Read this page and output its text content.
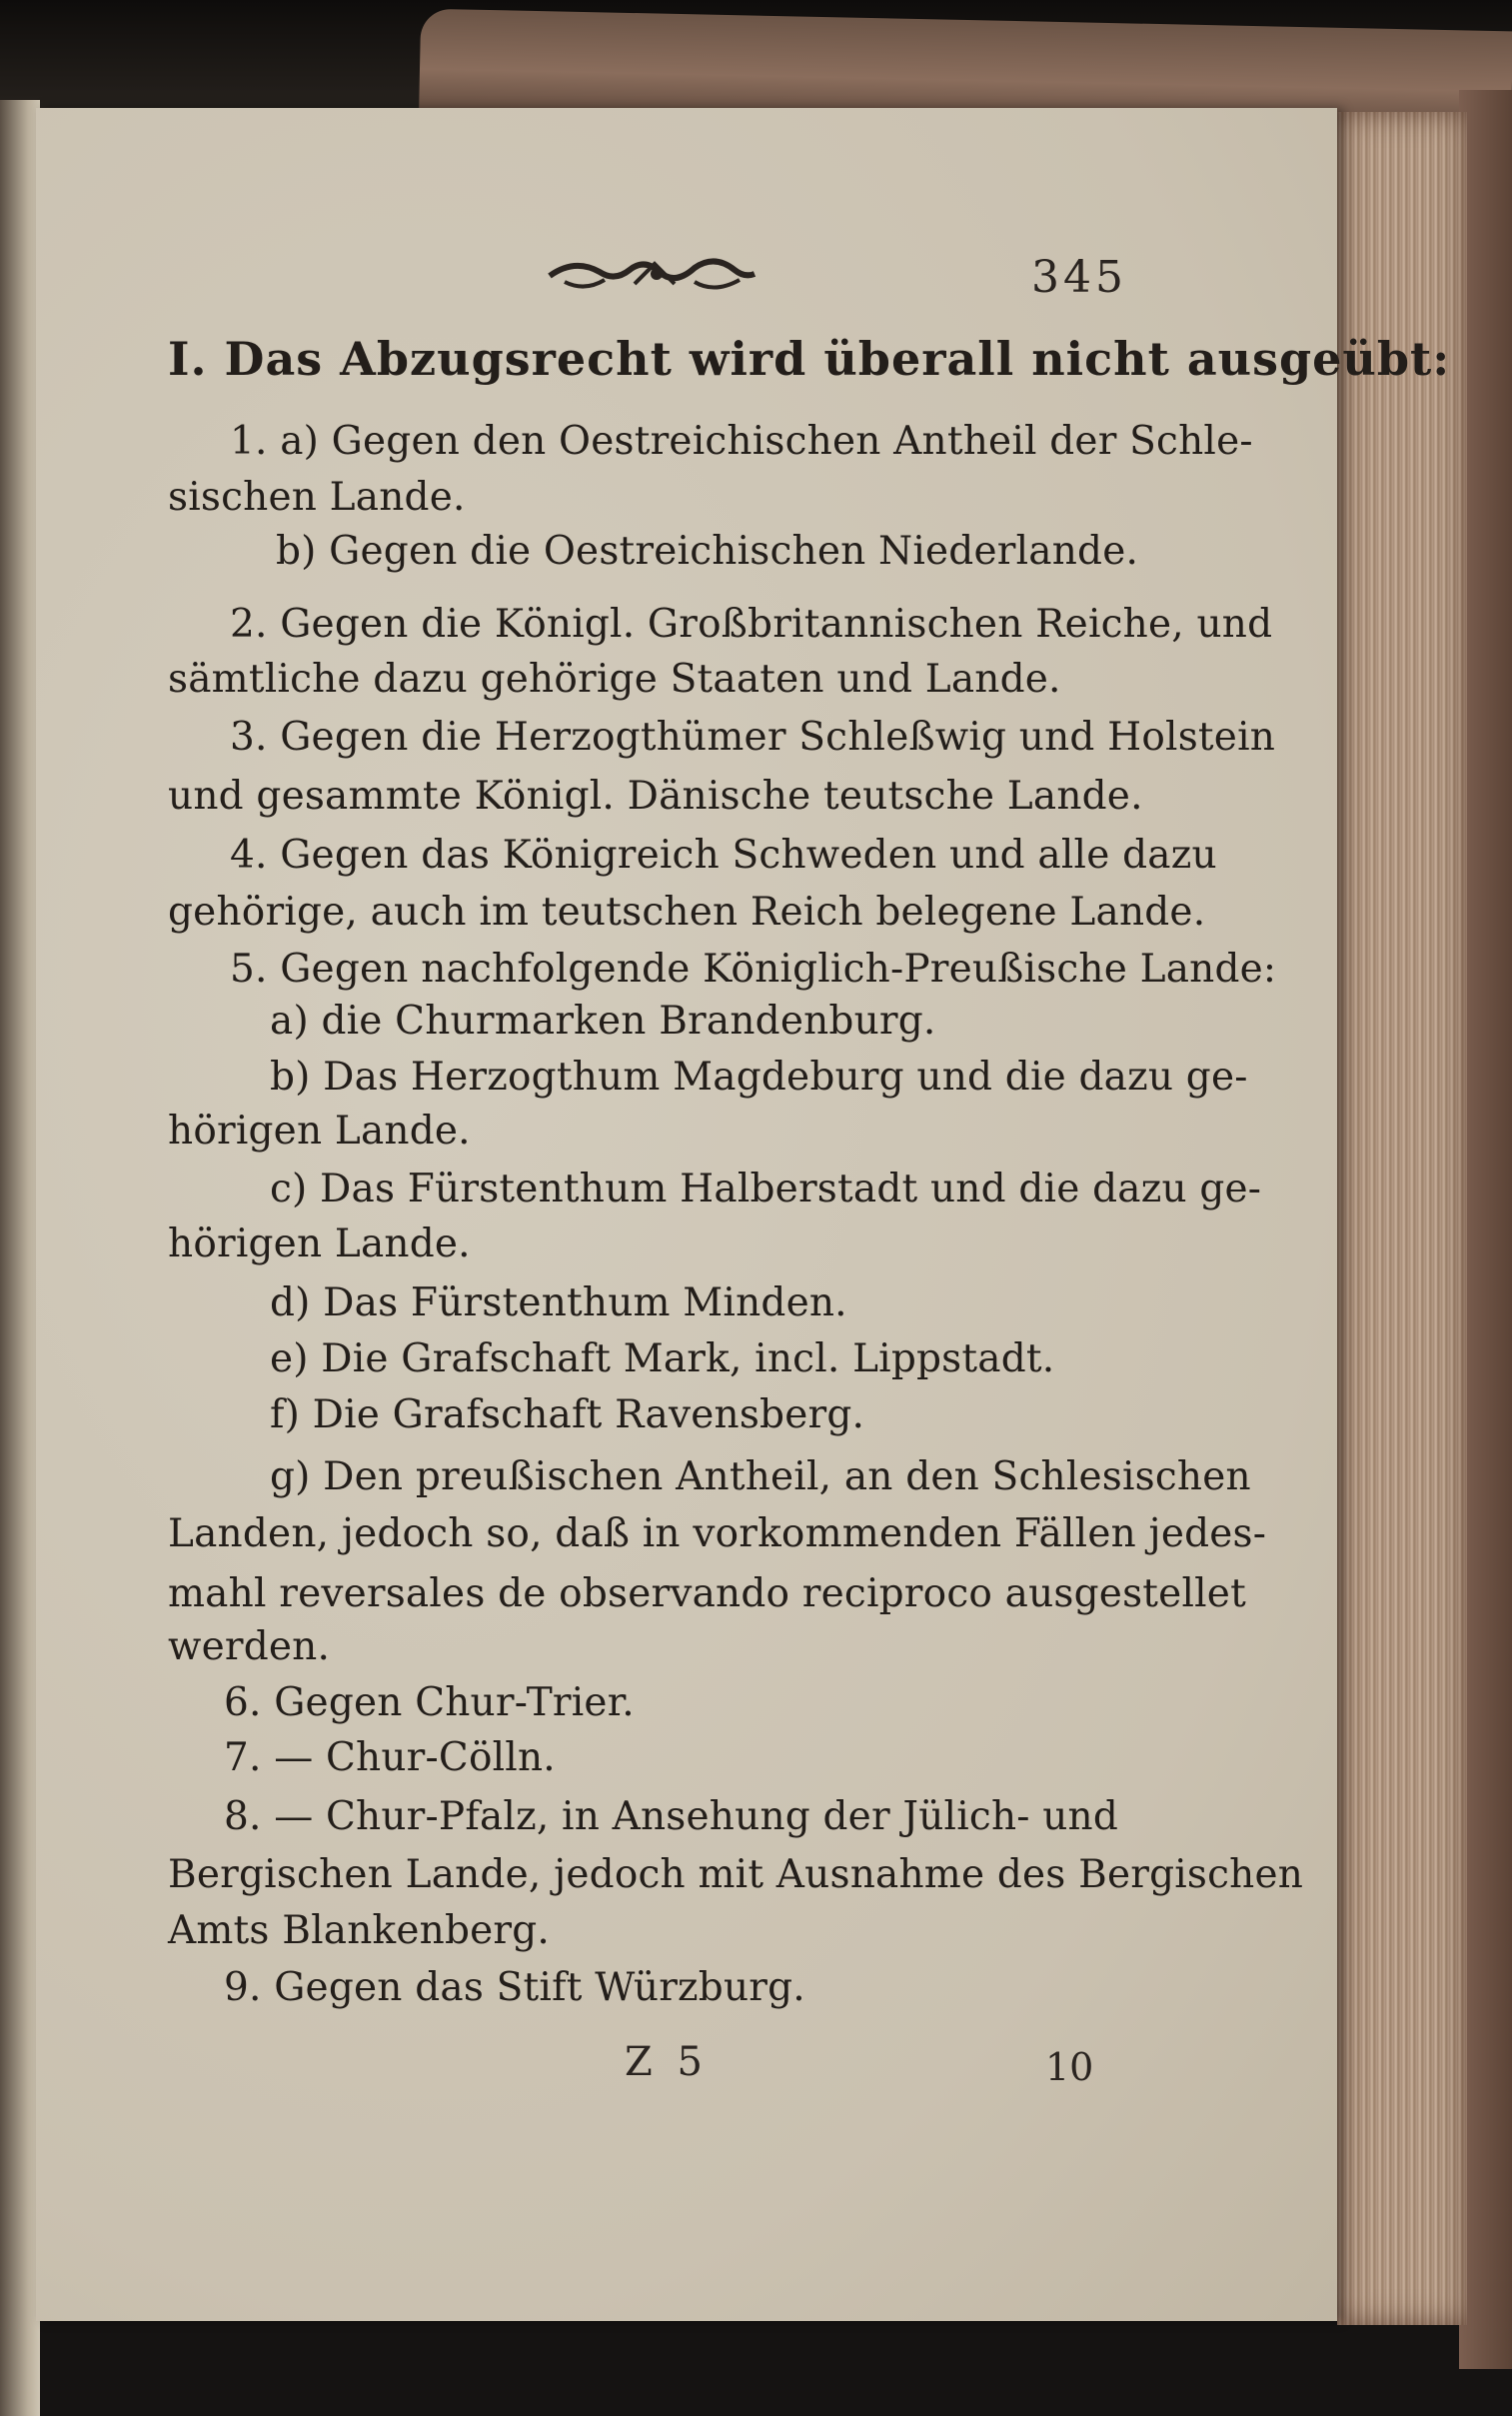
345
I. Das Abzugsrecht wird überall nicht ausgeübt:
1. a) Gegen den Oestreichischen Antheil der Schle-
sischen Lande.
b) Gegen die Oestreichischen Niederlande.
2. Gegen die Königl. Großbritannischen Reiche, und
sämtliche dazu gehörige Staaten und Lande.
3. Gegen die Herzogthümer Schleßwig und Holstein
und gesammte Königl. Dänische teutsche Lande.
4. Gegen das Königreich Schweden und alle dazu
gehörige, auch im teutschen Reich belegene Lande.
5. Gegen nachfolgende Königlich-Preußische Lande:
a) die Churmarken Brandenburg.
b) Das Herzogthum Magdeburg und die dazu ge-
hörigen Lande.
c) Das Fürstenthum Halberstadt und die dazu ge-
hörigen Lande.
d) Das Fürstenthum Minden.
e) Die Grafschaft Mark, incl. Lippstadt.
f) Die Grafschaft Ravensberg.
g) Den preußischen Antheil, an den Schlesischen
Landen, jedoch so, daß in vorkommenden Fällen jedes-
mahl reversales de observando reciproco ausgestellet
werden.
6. Gegen Chur-Trier.
7. — Chur-Cölln.
8. — Chur-Pfalz, in Ansehung der Jülich- und
Bergischen Lande, jedoch mit Ausnahme des Bergischen
Amts Blankenberg.
9. Gegen das Stift Würzburg.
Z 5	10
